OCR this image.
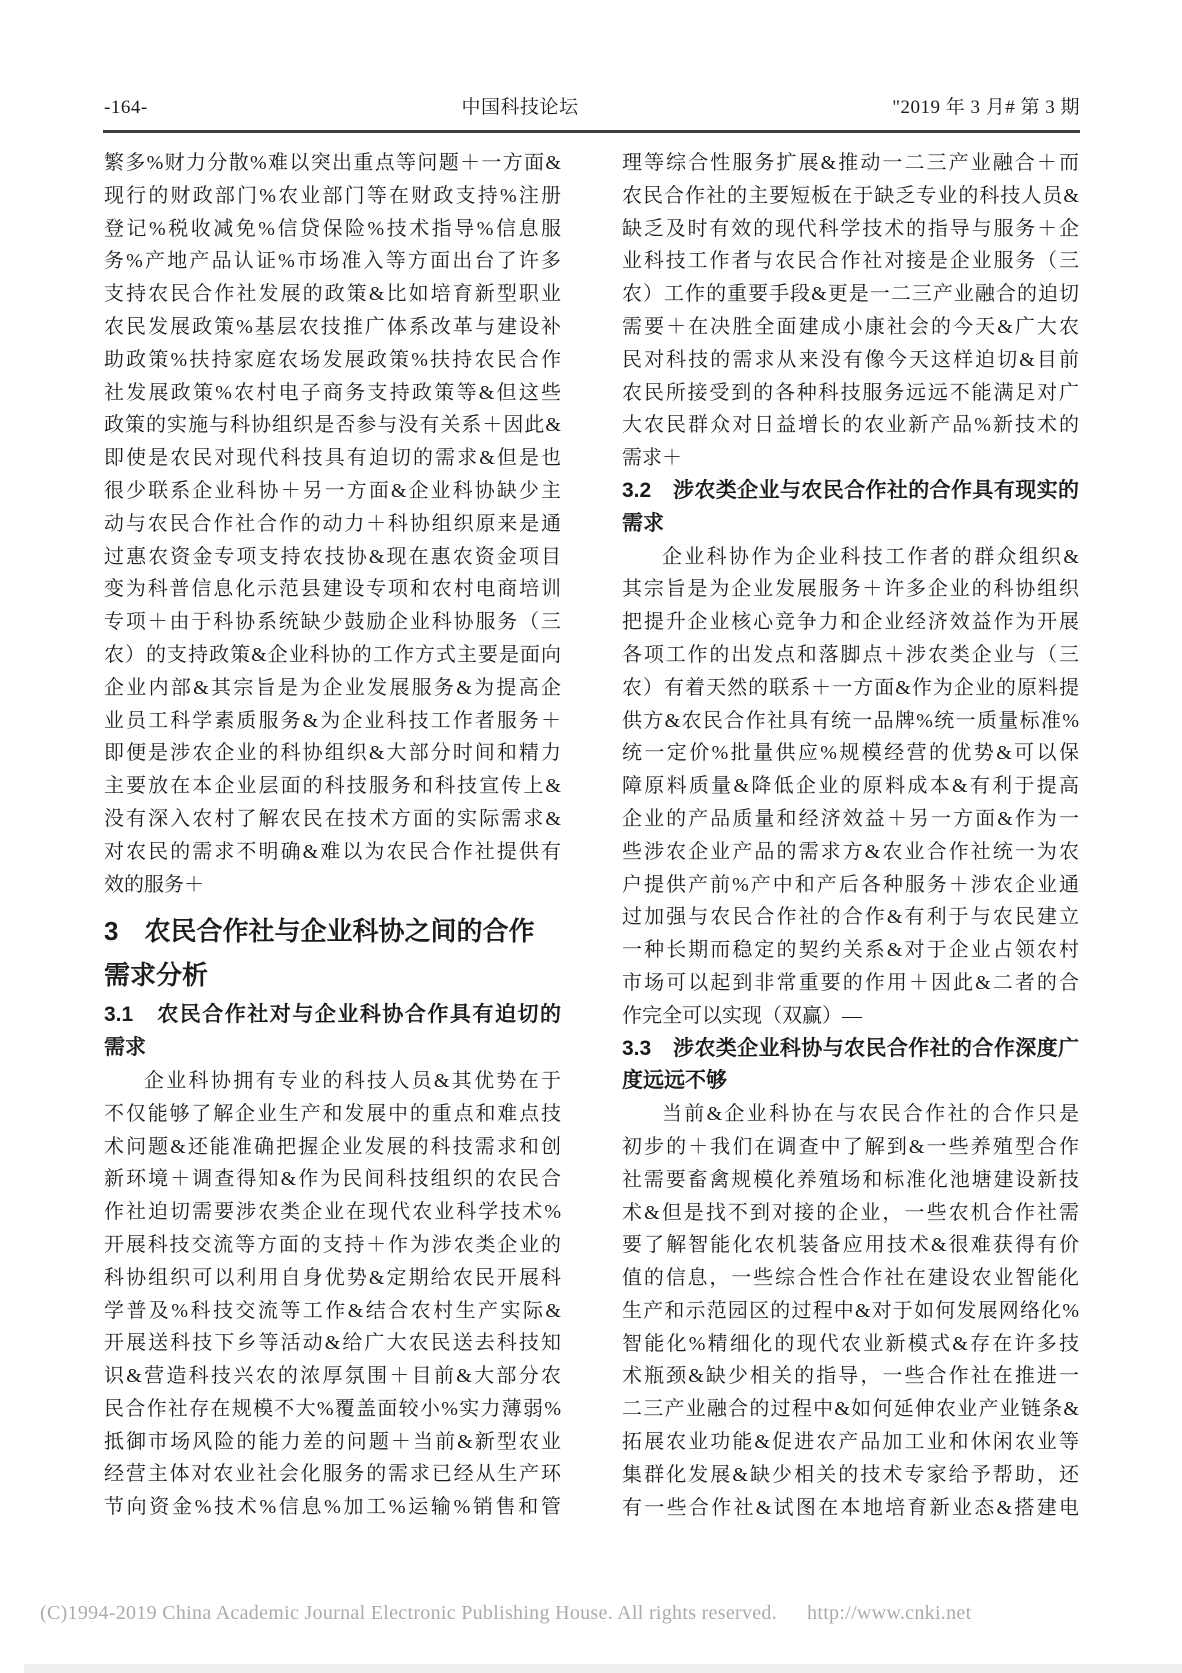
-164-	中国科技论坛	"2019 年 3 月# 第 3 期
繁多%财力分散%难以突出重点等问题＋一方面&
现行的财政部门%农业部门等在财政支持%注册
登记%税收减免%信贷保险%技术指导%信息服
务%产地产品认证%市场准入等方面出台了许多
支持农民合作社发展的政策&比如培育新型职业
农民发展政策%基层农技推广体系改革与建设补
助政策%扶持家庭农场发展政策%扶持农民合作
社发展政策%农村电子商务支持政策等&但这些
政策的实施与科协组织是否参与没有关系＋因此&
即使是农民对现代科技具有迫切的需求&但是也
很少联系企业科协＋另一方面&企业科协缺少主
动与农民合作社合作的动力＋科协组织原来是通
过惠农资金专项支持农技协&现在惠农资金项目
变为科普信息化示范县建设专项和农村电商培训
专项＋由于科协系统缺少鼓励企业科协服务（三
农）的支持政策&企业科协的工作方式主要是面向
企业内部&其宗旨是为企业发展服务&为提高企
业员工科学素质服务&为企业科技工作者服务＋
即便是涉农企业的科协组织&大部分时间和精力
主要放在本企业层面的科技服务和科技宣传上&
没有深入农村了解农民在技术方面的实际需求&
对农民的需求不明确&难以为农民合作社提供有
效的服务＋
3　农民合作社与企业科协之间的合作
需求分析
3.1　农民合作社对与企业科协合作具有迫切的
需求
企业科协拥有专业的科技人员&其优势在于
不仅能够了解企业生产和发展中的重点和难点技
术问题&还能准确把握企业发展的科技需求和创
新环境＋调查得知&作为民间科技组织的农民合
作社迫切需要涉农类企业在现代农业科学技术%
开展科技交流等方面的支持＋作为涉农类企业的
科协组织可以利用自身优势&定期给农民开展科
学普及%科技交流等工作&结合农村生产实际&
开展送科技下乡等活动&给广大农民送去科技知
识&营造科技兴农的浓厚氛围＋目前&大部分农
民合作社存在规模不大%覆盖面较小%实力薄弱%
抵御市场风险的能力差的问题＋当前&新型农业
经营主体对农业社会化服务的需求已经从生产环
节向资金%技术%信息%加工%运输%销售和管
理等综合性服务扩展&推动一二三产业融合＋而
农民合作社的主要短板在于缺乏专业的科技人员&
缺乏及时有效的现代科学技术的指导与服务＋企
业科技工作者与农民合作社对接是企业服务（三
农）工作的重要手段&更是一二三产业融合的迫切
需要＋在决胜全面建成小康社会的今天&广大农
民对科技的需求从来没有像今天这样迫切&目前
农民所接受到的各种科技服务远远不能满足对广
大农民群众对日益增长的农业新产品%新技术的
需求＋
3.2　涉农类企业与农民合作社的合作具有现实的
需求
企业科协作为企业科技工作者的群众组织&
其宗旨是为企业发展服务＋许多企业的科协组织
把提升企业核心竞争力和企业经济效益作为开展
各项工作的出发点和落脚点＋涉农类企业与（三
农）有着天然的联系＋一方面&作为企业的原料提
供方&农民合作社具有统一品牌%统一质量标准%
统一定价%批量供应%规模经营的优势&可以保
障原料质量&降低企业的原料成本&有利于提高
企业的产品质量和经济效益＋另一方面&作为一
些涉农企业产品的需求方&农业合作社统一为农
户提供产前%产中和产后各种服务＋涉农企业通
过加强与农民合作社的合作&有利于与农民建立
一种长期而稳定的契约关系&对于企业占领农村
市场可以起到非常重要的作用＋因此&二者的合
作完全可以实现（双赢）—
3.3　涉农类企业科协与农民合作社的合作深度广
度远远不够
当前&企业科协在与农民合作社的合作只是
初步的＋我们在调查中了解到&一些养殖型合作
社需要畜禽规模化养殖场和标准化池塘建设新技
术&但是找不到对接的企业，一些农机合作社需
要了解智能化农机装备应用技术&很难获得有价
值的信息，一些综合性合作社在建设农业智能化
生产和示范园区的过程中&对于如何发展网络化%
智能化%精细化的现代农业新模式&存在许多技
术瓶颈&缺少相关的指导，一些合作社在推进一
二三产业融合的过程中&如何延伸农业产业链条&
拓展农业功能&促进农产品加工业和休闲农业等
集群化发展&缺少相关的技术专家给予帮助，还
有一些合作社&试图在本地培育新业态&搭建电
(C)1994-2019 China Academic Journal Electronic Publishing House. All rights reserved. http://www.cnki.net
